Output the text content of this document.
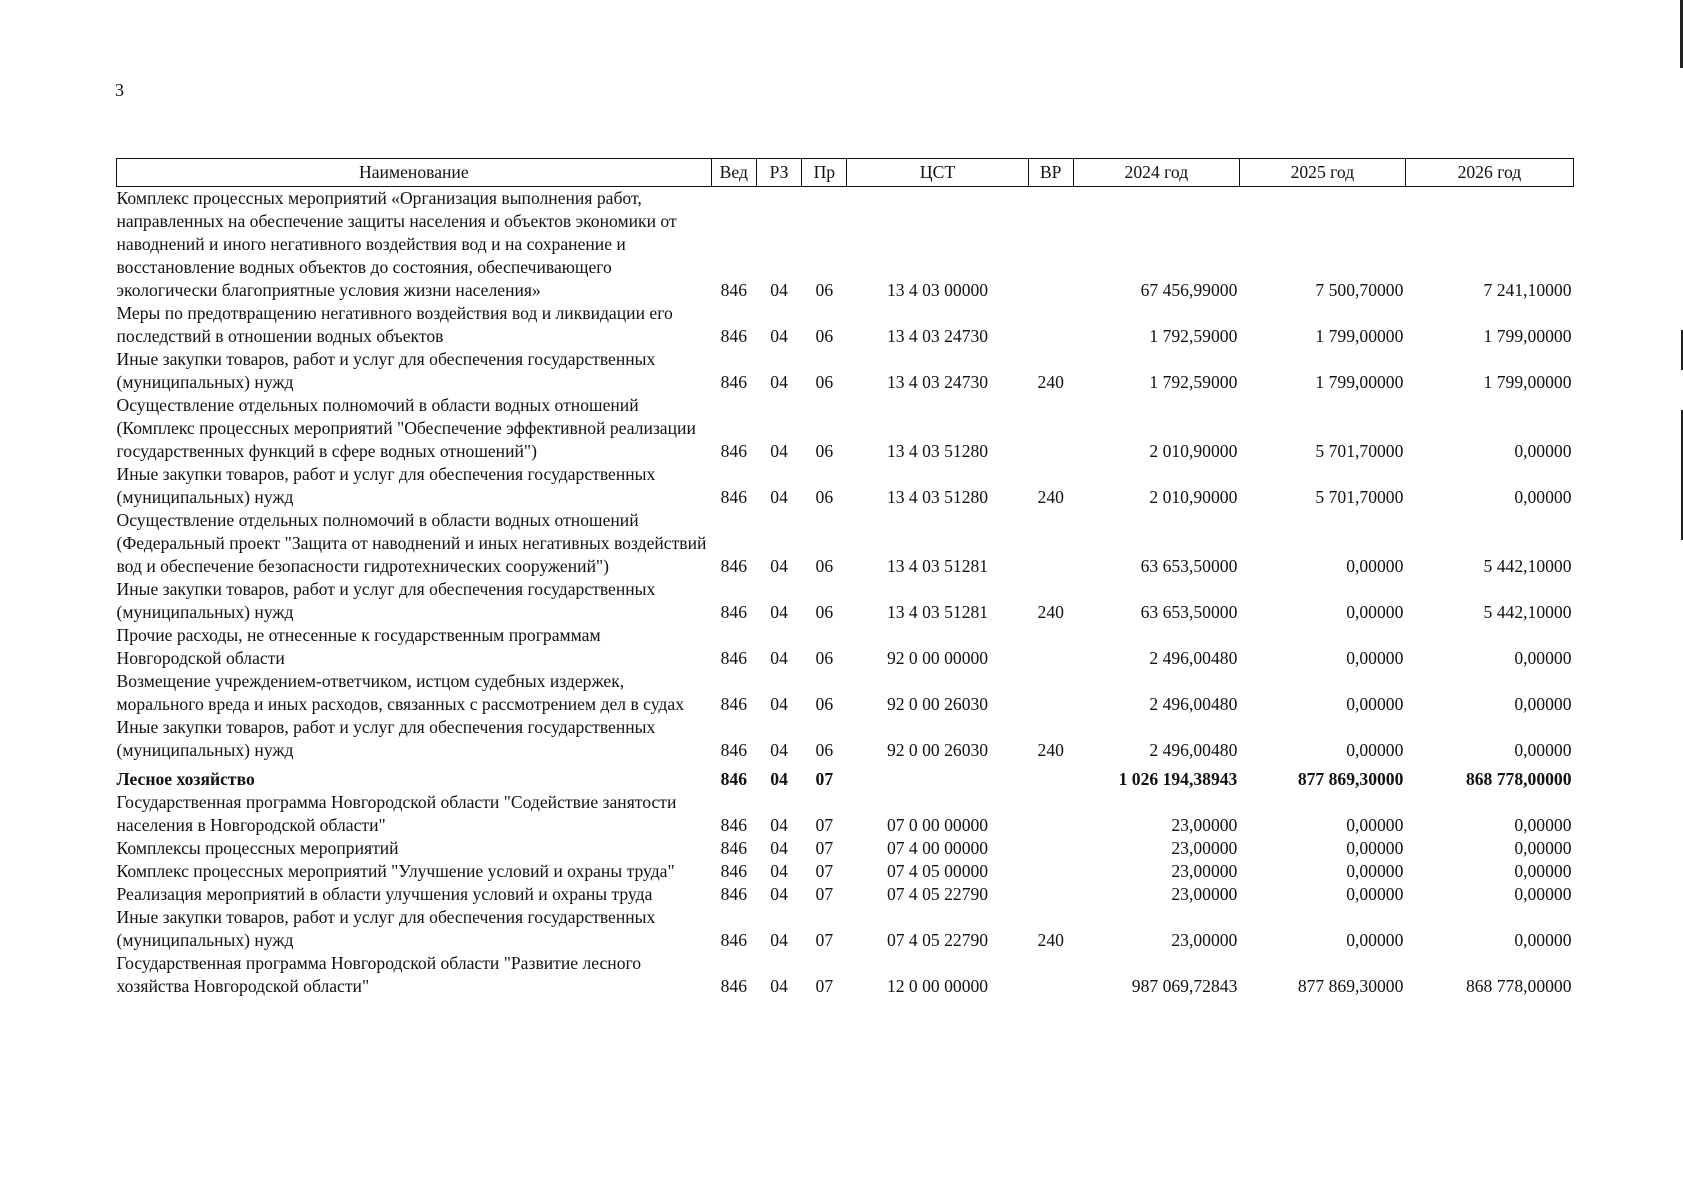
3
Наименование	Вед	РЗ	Пр	ЦСТ	ВР	2024 год	2025 год	2026 год
Комплекс процессных мероприятий «Организация выполнения работ, направленных на обеспечение защиты населения и объектов экономики от наводнений и иного негативного воздействия вод и на сохранение и восстановление водных объектов до состояния, обеспечивающего экологически благоприятные условия жизни населения»	846	04	06	13 4 03 00000		67 456,99000	7 500,70000	7 241,10000
Меры по предотвращению негативного воздействия вод и ликвидации его последствий в отношении водных объектов	846	04	06	13 4 03 24730		1 792,59000	1 799,00000	1 799,00000
Иные закупки товаров, работ и услуг для обеспечения государственных (муниципальных) нужд	846	04	06	13 4 03 24730	240	1 792,59000	1 799,00000	1 799,00000
Осуществление отдельных полномочий в области водных отношений (Комплекс процессных мероприятий "Обеспечение эффективной реализации государственных функций в сфере водных отношений")	846	04	06	13 4 03 51280		2 010,90000	5 701,70000	0,00000
Иные закупки товаров, работ и услуг для обеспечения государственных (муниципальных) нужд	846	04	06	13 4 03 51280	240	2 010,90000	5 701,70000	0,00000
Осуществление отдельных полномочий в области водных отношений (Федеральный проект "Защита от наводнений и иных негативных воздействий вод и обеспечение безопасности гидротехнических сооружений")	846	04	06	13 4 03 51281		63 653,50000	0,00000	5 442,10000
Иные закупки товаров, работ и услуг для обеспечения государственных (муниципальных) нужд	846	04	06	13 4 03 51281	240	63 653,50000	0,00000	5 442,10000
Прочие расходы, не отнесенные к государственным программам Новгородской области	846	04	06	92 0 00 00000		2 496,00480	0,00000	0,00000
Возмещение учреждением-ответчиком, истцом судебных издержек, морального вреда и иных расходов, связанных с рассмотрением дел в судах	846	04	06	92 0 00 26030		2 496,00480	0,00000	0,00000
Иные закупки товаров, работ и услуг для обеспечения государственных (муниципальных) нужд	846	04	06	92 0 00 26030	240	2 496,00480	0,00000	0,00000
Лесное хозяйство	846	04	07			1 026 194,38943	877 869,30000	868 778,00000
Государственная программа Новгородской области "Содействие занятости населения в Новгородской области"	846	04	07	07 0 00 00000		23,00000	0,00000	0,00000
Комплексы процессных мероприятий	846	04	07	07 4 00 00000		23,00000	0,00000	0,00000
Комплекс процессных мероприятий "Улучшение условий и охраны труда"	846	04	07	07 4 05 00000		23,00000	0,00000	0,00000
Реализация мероприятий в области улучшения условий и охраны труда	846	04	07	07 4 05 22790		23,00000	0,00000	0,00000
Иные закупки товаров, работ и услуг для обеспечения государственных (муниципальных) нужд	846	04	07	07 4 05 22790	240	23,00000	0,00000	0,00000
Государственная программа Новгородской области "Развитие лесного хозяйства Новгородской области"	846	04	07	12 0 00 00000		987 069,72843	877 869,30000	868 778,00000
